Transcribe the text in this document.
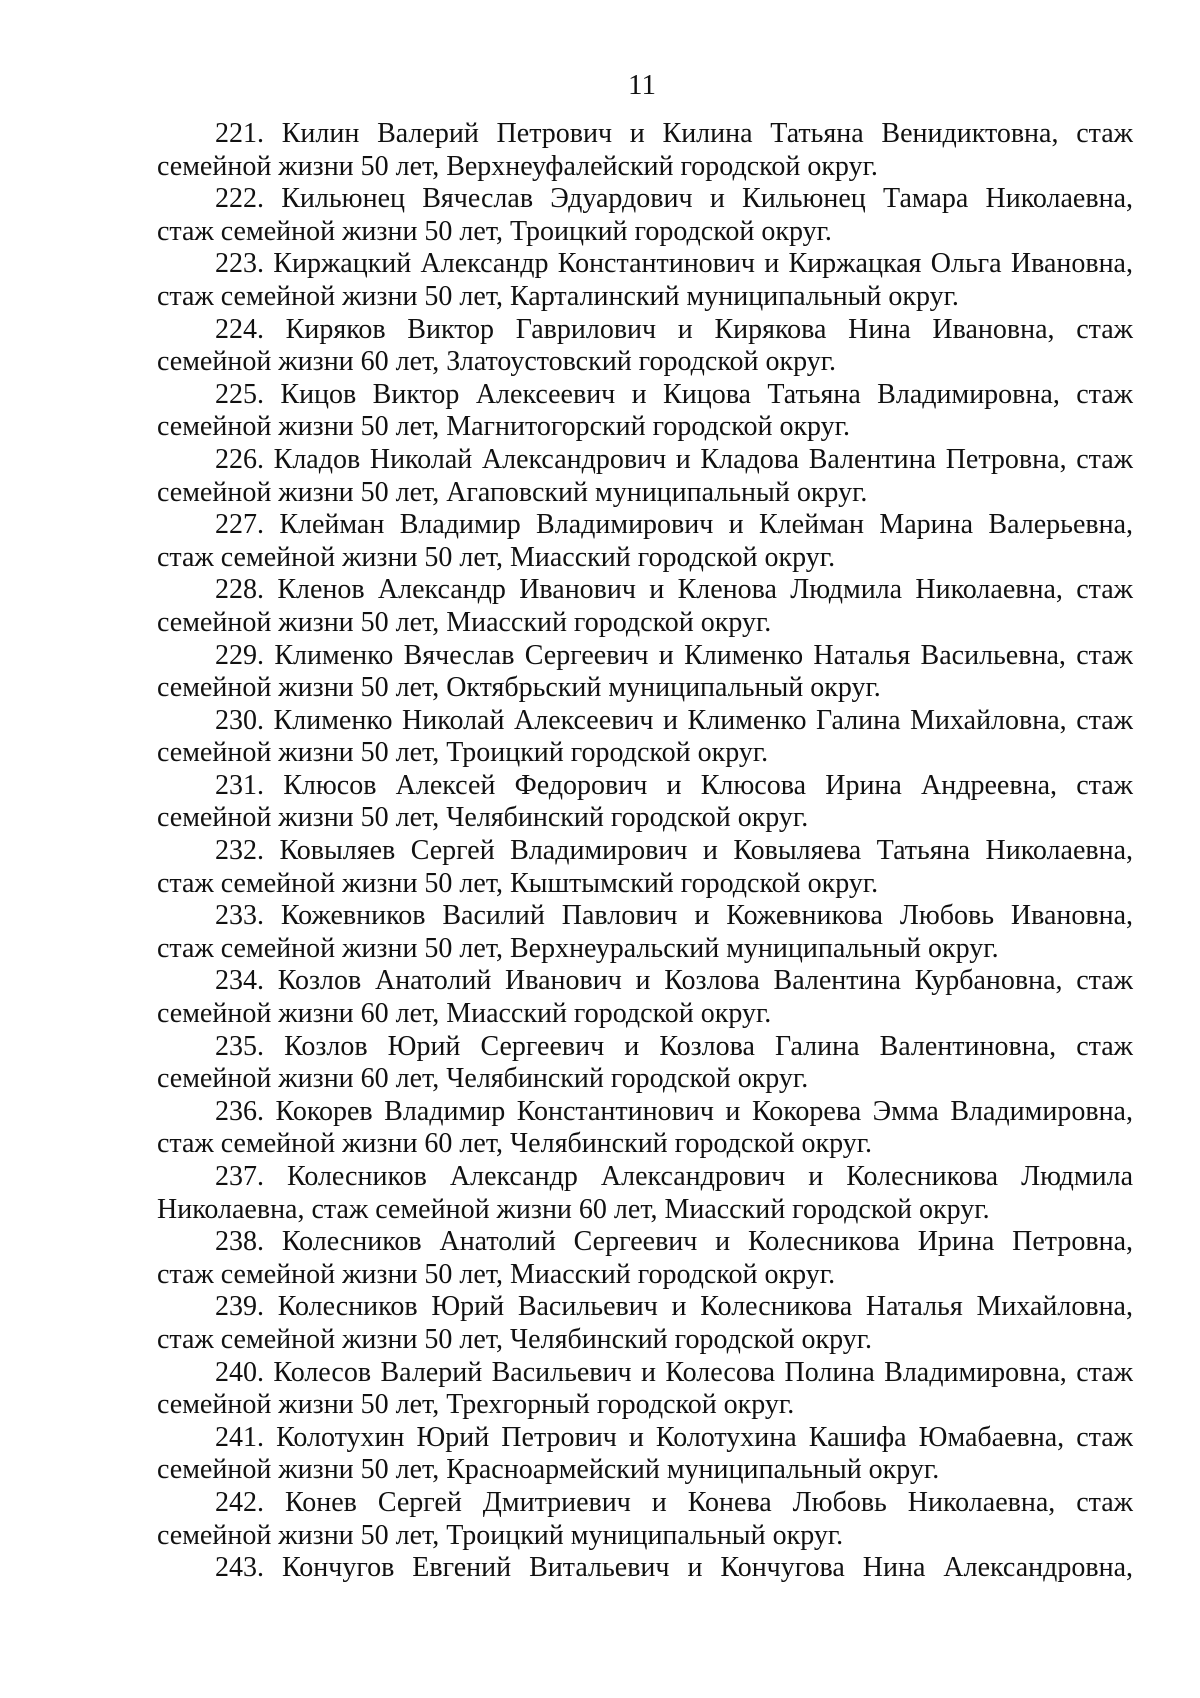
11

221. Килин Валерий Петрович и Килина Татьяна Венидиктовна, стаж
семейной жизни 50 лет, Верхнеуфалейский городской округ.

222. Кильюнец Вячеслав Эдуардович и Кильюнец Тамара Николаевна,
стаж семейной жизни 50 лет, Троицкий городской округ.

223. Киржацкий Александр Константинович и Киржацкая Ольга Ивановна,
стаж семейной жизни 50 лет, Карталинский муниципальный округ.

224. Киряков Виктор Гаврилович и Кирякова Нина Ивановна, стаж
семейной жизни 60 лет, Златоустовский городской округ.

225. Кицов Виктор Алексеевич и Кицова Татьяна Владимировна, стаж
семейной жизни 50 лет, Магнитогорский городской округ.

226. Кладов Николай Александрович и Кладова Валентина Петровна, стаж
семейной жизни 50 лет, Агаповский муниципальный округ.

227. Клейман Владимир Владимирович и Клейман Марина Валерьевна,
стаж семейной жизни 50 лет, Миасский городской округ.

228. Кленов Александр Иванович и Кленова Людмила Николаевна, стаж
семейной жизни 50 лет, Миасский городской округ.

229. Клименко Вячеслав Сергеевич и Клименко Наталья Васильевна, стаж
семейной жизни 50 лет, Октябрьский муниципальный округ.

230. Клименко Николай Алексеевич и Клименко Галина Михайловна, стаж
семейной жизни 50 лет, Троицкий городской округ.

231. Клюсов Алексей Федорович и Клюсова Ирина Андреевна, стаж
семейной жизни 50 лет, Челябинский городской округ.

232. Ковыляев Сергей Владимирович и Ковыляева Татьяна Николаевна,
стаж семейной жизни 50 лет, Кыштымский городской округ.

233. Кожевников Василий Павлович и Кожевникова Любовь Ивановна,
стаж семейной жизни 50 лет, Верхнеуральский муниципальный округ.

234. Козлов Анатолий Иванович и Козлова Валентина Курбановна, стаж
семейной жизни 60 лет, Миасский городской округ.

235. Козлов Юрий Сергеевич и Козлова Галина Валентиновна, стаж
семейной жизни 60 лет, Челябинский городской округ.

236. Кокорев Владимир Константинович и Кокорева Эмма Владимировна,
стаж семейной жизни 60 лет, Челябинский городской округ.

237. Колесников Александр Александрович и Колесникова Людмила
Николаевна, стаж семейной жизни 60 лет, Миасский городской округ.

238. Колесников Анатолий Сергеевич и Колесникова Ирина Петровна,
стаж семейной жизни 50 лет, Миасский городской округ.

239. Колесников Юрий Васильевич и Колесникова Наталья Михайловна,
стаж семейной жизни 50 лет, Челябинский городской округ.

240. Колесов Валерий Васильевич и Колесова Полина Владимировна, стаж
семейной жизни 50 лет, Трехгорный городской округ.

241. Колотухин Юрий Петрович и Колотухина Кашифа Юмабаевна, стаж
семейной жизни 50 лет, Красноармейский муниципальный округ.

242. Конев Сергей Дмитриевич и Конева Любовь Николаевна, стаж
семейной жизни 50 лет, Троицкий муниципальный округ.

243. Кончугов Евгений Витальевич и Кончугова Нина Александровна,
